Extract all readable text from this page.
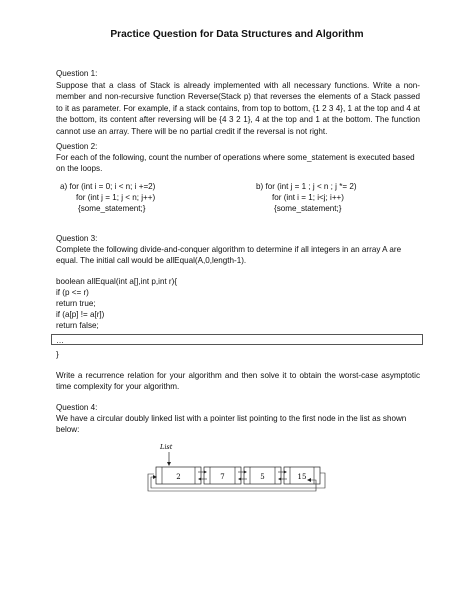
Practice Question for Data Structures and Algorithm
Question 1:
Suppose that a class of Stack is already implemented with all necessary functions. Write a non-member and non-recursive function Reverse(Stack p) that reverses the elements of a Stack passed to it as parameter. For example, if a stack contains, from top to bottom, {1 2 3 4}, 1 at the top and 4 at the bottom, its content after reversing will be {4 3 2 1}, 4 at the top and 1 at the bottom. The function cannot use an array. There will be no partial credit if the reversal is not right.
Question 2:
For each of the following, count the number of operations where some_statement is executed based on the loops.
a) for (int i = 0; i < n; i +=2)
for (int j = 1; j < n; j++)
{some_statement;}
b) for (int j = 1 ; j < n ; j *= 2)
for (int i = 1; i<j; i++)
{some_statement;}
Question 3:
Complete the following divide-and-conquer algorithm to determine if all integers in an array A are equal. The initial call would be allEqual(A,0,length-1).
boolean allEqual(int a[],int p,int r){
if (p <= r)
return true;
if (a[p] != a[r])
return false;
…
}
Write a recurrence relation for your algorithm and then solve it to obtain the worst-case asymptotic time complexity for your algorithm.
Question 4:
We have a circular doubly linked list with a pointer list pointing to the first node in the list as shown below:
List
2	7	5	15
